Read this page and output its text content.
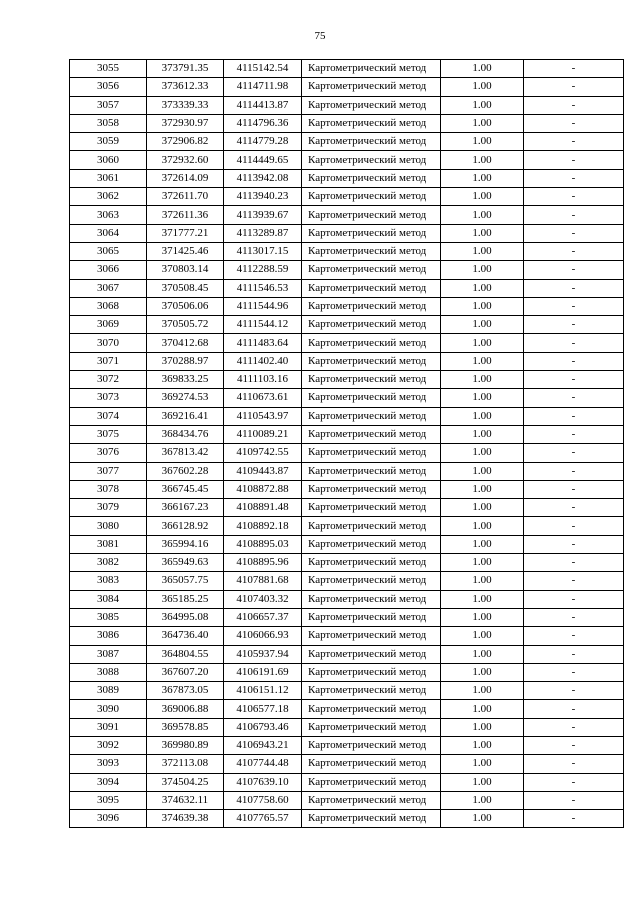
75
3055	373791.35	4115142.54	Картометрический метод	1.00	-
3056	373612.33	4114711.98	Картометрический метод	1.00	-
3057	373339.33	4114413.87	Картометрический метод	1.00	-
3058	372930.97	4114796.36	Картометрический метод	1.00	-
3059	372906.82	4114779.28	Картометрический метод	1.00	-
3060	372932.60	4114449.65	Картометрический метод	1.00	-
3061	372614.09	4113942.08	Картометрический метод	1.00	-
3062	372611.70	4113940.23	Картометрический метод	1.00	-
3063	372611.36	4113939.67	Картометрический метод	1.00	-
3064	371777.21	4113289.87	Картометрический метод	1.00	-
3065	371425.46	4113017.15	Картометрический метод	1.00	-
3066	370803.14	4112288.59	Картометрический метод	1.00	-
3067	370508.45	4111546.53	Картометрический метод	1.00	-
3068	370506.06	4111544.96	Картометрический метод	1.00	-
3069	370505.72	4111544.12	Картометрический метод	1.00	-
3070	370412.68	4111483.64	Картометрический метод	1.00	-
3071	370288.97	4111402.40	Картометрический метод	1.00	-
3072	369833.25	4111103.16	Картометрический метод	1.00	-
3073	369274.53	4110673.61	Картометрический метод	1.00	-
3074	369216.41	4110543.97	Картометрический метод	1.00	-
3075	368434.76	4110089.21	Картометрический метод	1.00	-
3076	367813.42	4109742.55	Картометрический метод	1.00	-
3077	367602.28	4109443.87	Картометрический метод	1.00	-
3078	366745.45	4108872.88	Картометрический метод	1.00	-
3079	366167.23	4108891.48	Картометрический метод	1.00	-
3080	366128.92	4108892.18	Картометрический метод	1.00	-
3081	365994.16	4108895.03	Картометрический метод	1.00	-
3082	365949.63	4108895.96	Картометрический метод	1.00	-
3083	365057.75	4107881.68	Картометрический метод	1.00	-
3084	365185.25	4107403.32	Картометрический метод	1.00	-
3085	364995.08	4106657.37	Картометрический метод	1.00	-
3086	364736.40	4106066.93	Картометрический метод	1.00	-
3087	364804.55	4105937.94	Картометрический метод	1.00	-
3088	367607.20	4106191.69	Картометрический метод	1.00	-
3089	367873.05	4106151.12	Картометрический метод	1.00	-
3090	369006.88	4106577.18	Картометрический метод	1.00	-
3091	369578.85	4106793.46	Картометрический метод	1.00	-
3092	369980.89	4106943.21	Картометрический метод	1.00	-
3093	372113.08	4107744.48	Картометрический метод	1.00	-
3094	374504.25	4107639.10	Картометрический метод	1.00	-
3095	374632.11	4107758.60	Картометрический метод	1.00	-
3096	374639.38	4107765.57	Картометрический метод	1.00	-
